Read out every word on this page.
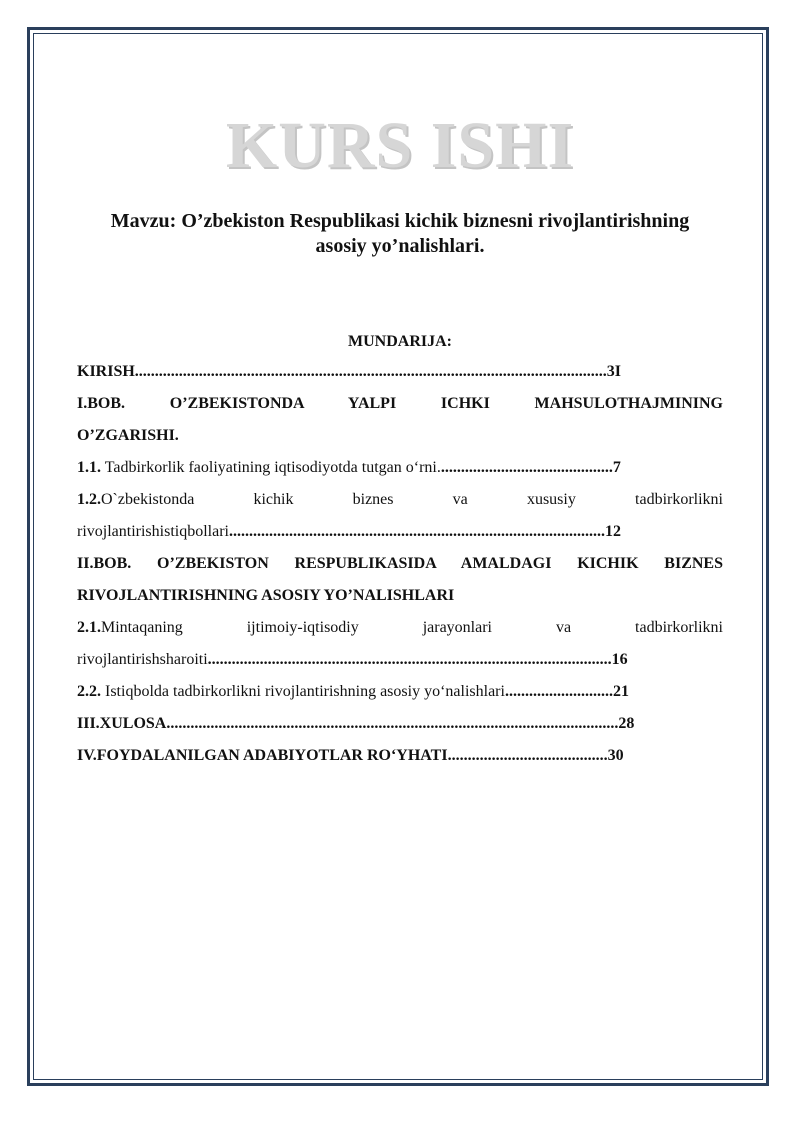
KURS ISHI
Mavzu: O’zbekiston Respublikasi kichik biznesni rivojlantirishning
asosiy yo’nalishlari.
MUNDARIJA:
KIRISH......................................................................................................................3I
I.BOB. O’ZBEKISTONDA YALPI ICHKI MAHSULOTHAJMINING
O’ZGARISHI.
1.1. Tadbirkorlik faoliyatining iqtisodiyotda tutgan o‘rni............................................7
1.2.O`zbekistonda kichik biznes va xususiy tadbirkorlikni
rivojlantirishistiqbollari..............................................................................................12
II.BOB. O’ZBEKISTON RESPUBLIKASIDA AMALDAGI KICHIK BIZNES
RIVOJLANTIRISHNING ASOSIY YO’NALISHLARI
2.1.Mintaqaning ijtimoiy-iqtisodiy jarayonlari va tadbirkorlikni
rivojlantirishsharoiti.....................................................................................................16
2.2. Istiqbolda tadbirkorlikni rivojlantirishning asosiy yo‘nalishlari...........................21
III.XULOSA.................................................................................................................28
IV.FOYDALANILGAN ADABIYOTLAR RO‘YHATI........................................30
